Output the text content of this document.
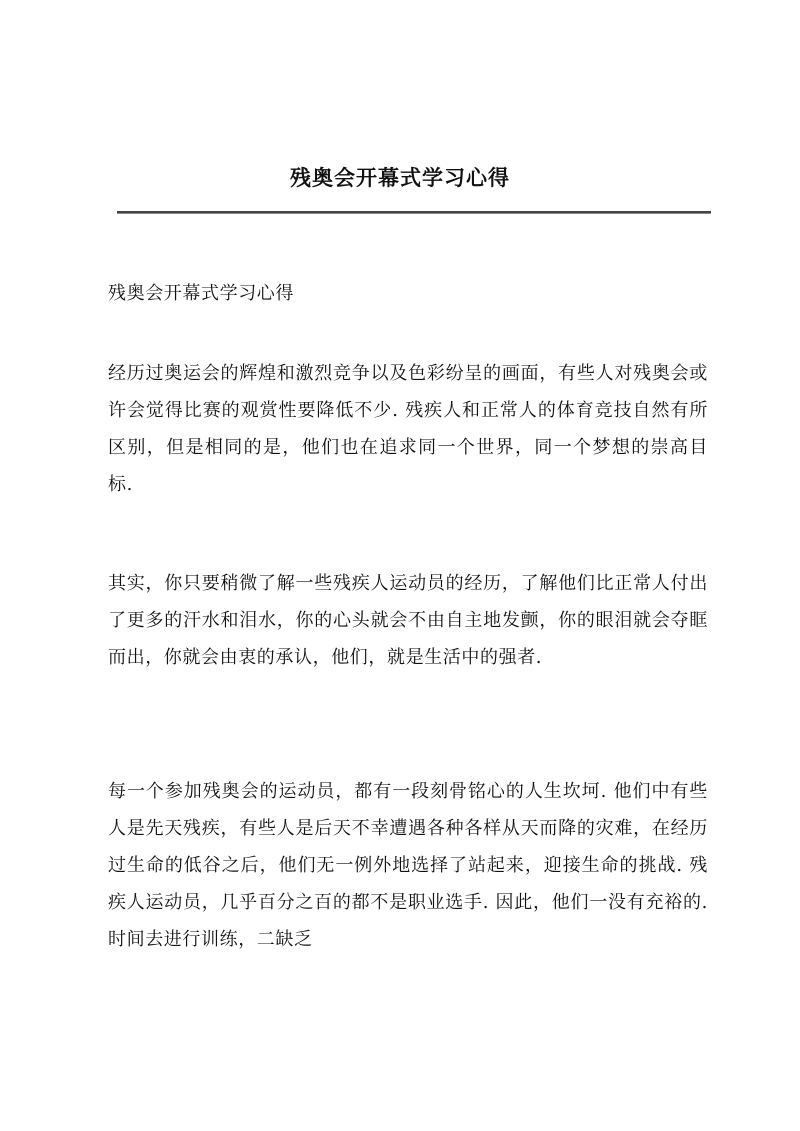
残奥会开幕式学习心得
残奥会开幕式学习心得
经历过奥运会的辉煌和激烈竞争以及色彩纷呈的画面，有些人对残奥会或许会觉得比赛的观赏性要降低不少. 残疾人和正常人的体育竞技自然有所区别，但是相同的是，他们也在追求同一个世界，同一个梦想的崇高目标.
其实，你只要稍微了解一些残疾人运动员的经历，了解他们比正常人付出了更多的汗水和泪水，你的心头就会不由自主地发颤，你的眼泪就会夺眶而出，你就会由衷的承认，他们，就是生活中的强者.
每一个参加残奥会的运动员，都有一段刻骨铭心的人生坎坷. 他们中有些人是先天残疾，有些人是后天不幸遭遇各种各样从天而降的灾难，在经历过生命的低谷之后，他们无一例外地选择了站起来，迎接生命的挑战. 残疾人运动员，几乎百分之百的都不是职业选手. 因此，他们一没有充裕的.时间去进行训练，二缺乏
